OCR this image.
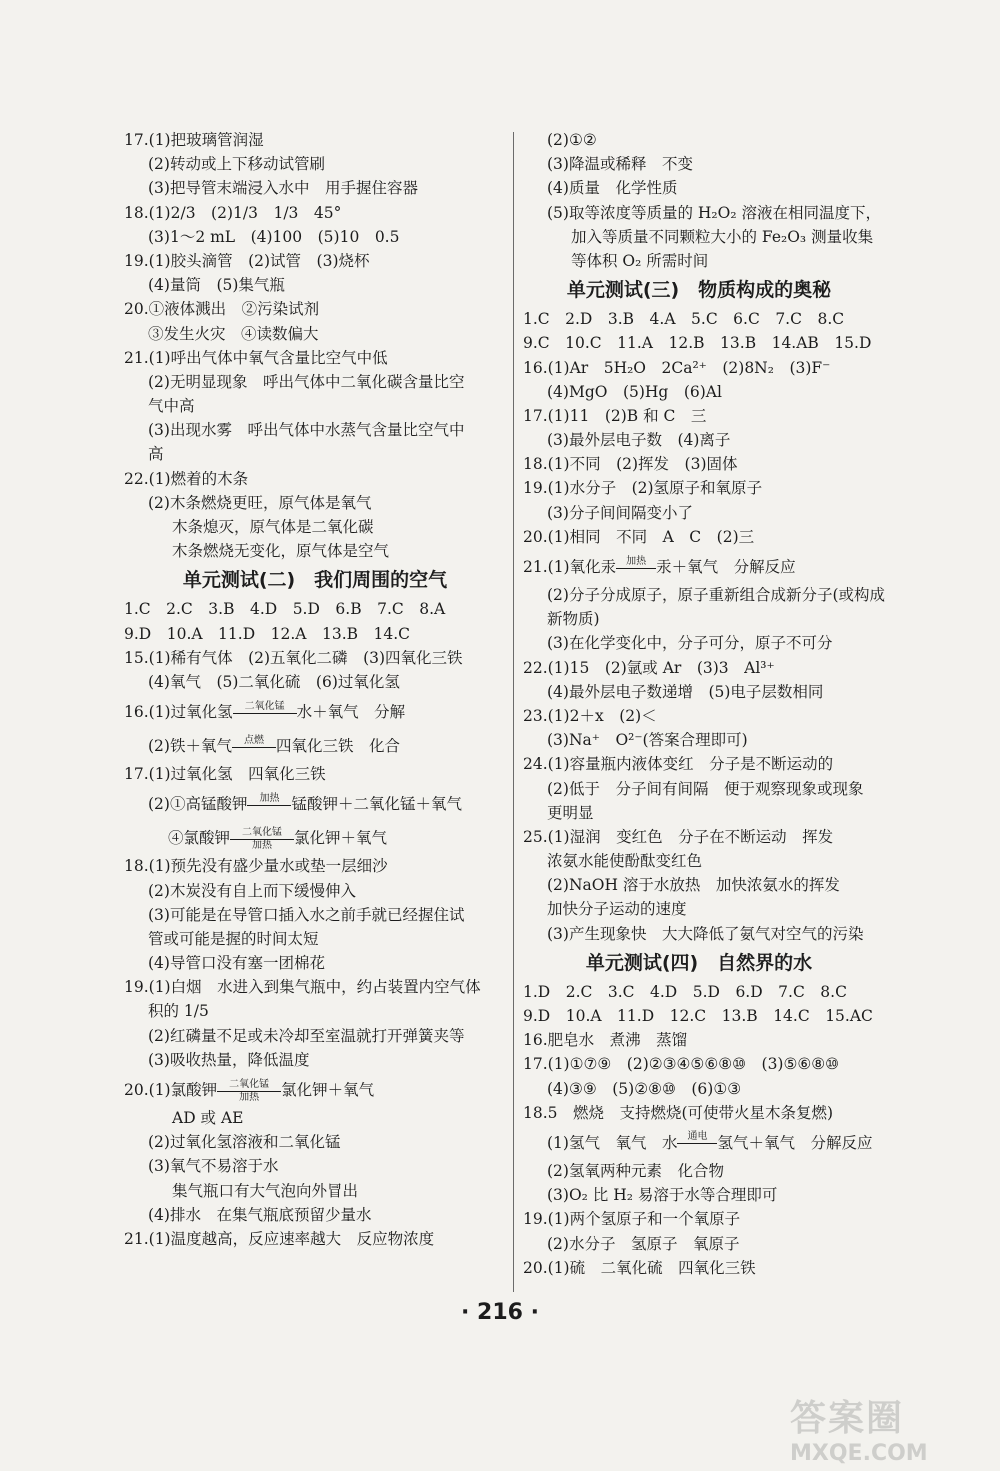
17.(1)把玻璃管润湿
(2)转动或上下移动试管刷
(3)把导管末端浸入水中　用手握住容器
18.(1)2/3　(2)1/3　1/3　45°
(3)1～2 mL　(4)100　(5)10　0.5
19.(1)胶头滴管　(2)试管　(3)烧杯
(4)量筒　(5)集气瓶
20.①液体溅出　②污染试剂
③发生火灾　④读数偏大
21.(1)呼出气体中氧气含量比空气中低
(2)无明显现象　呼出气体中二氧化碳含量比空
气中高
(3)出现水雾　呼出气体中水蒸气含量比空气中
高
22.(1)燃着的木条
(2)木条燃烧更旺，原气体是氧气
木条熄灭，原气体是二氧化碳
木条燃烧无变化，原气体是空气
单元测试(二)　我们周围的空气
1.C　2.C　3.B　4.D　5.D　6.B　7.C　8.A
9.D　10.A　11.D　12.A　13.B　14.C
15.(1)稀有气体　(2)五氧化二磷　(3)四氧化三铁
(4)氧气　(5)二氧化硫　(6)过氧化氢
16.(1)过氧化氢	二氧化锰 水＋氧气　分解
(2)铁＋氧气	点燃 四氧化三铁　化合
17.(1)过氧化氢　四氧化三铁
(2)①高锰酸钾	加热 锰酸钾＋二氧化锰＋氧气
④氯酸钾	二氧化锰
加热	氯化钾＋氧气
18.(1)预先没有盛少量水或垫一层细沙
(2)木炭没有自上而下缓慢伸入
(3)可能是在导管口插入水之前手就已经握住试
管或可能是握的时间太短
(4)导管口没有塞一团棉花
19.(1)白烟　水进入到集气瓶中，约占装置内空气体
积的 1/5
(2)红磷量不足或未冷却至室温就打开弹簧夹等
(3)吸收热量，降低温度
20.(1)氯酸钾	二氧化锰
加热	氯化钾＋氧气
AD 或 AE
(2)过氧化氢溶液和二氧化锰
(3)氧气不易溶于水
集气瓶口有大气泡向外冒出
(4)排水　在集气瓶底预留少量水
21.(1)温度越高，反应速率越大　反应物浓度
(2)①②
(3)降温或稀释　不变
(4)质量　化学性质
(5)取等浓度等质量的 H₂O₂ 溶液在相同温度下，
加入等质量不同颗粒大小的 Fe₂O₃ 测量收集
等体积 O₂ 所需时间
单元测试(三)　物质构成的奥秘
1.C　2.D　3.B　4.A　5.C　6.C　7.C　8.C
9.C　10.C　11.A　12.B　13.B　14.AB　15.D
16.(1)Ar　5H₂O　2Ca²⁺　(2)8N₂　(3)F⁻
(4)MgO　(5)Hg　(6)Al
17.(1)11　(2)B 和 C　三
(3)最外层电子数　(4)离子
18.(1)不同　(2)挥发　(3)固体
19.(1)水分子　(2)氢原子和氧原子
(3)分子间间隔变小了
20.(1)相同　不同　A　C　(2)三
21.(1)氧化汞	加热 汞＋氧气　分解反应
(2)分子分成原子，原子重新组合成新分子(或构成
新物质)
(3)在化学变化中，分子可分，原子不可分
22.(1)15　(2)氩或 Ar　(3)3　Al³⁺
(4)最外层电子数递增　(5)电子层数相同
23.(1)2＋x　(2)＜
(3)Na⁺　O²⁻(答案合理即可)
24.(1)容量瓶内液体变红　分子是不断运动的
(2)低于　分子间有间隔　便于观察现象或现象
更明显
25.(1)湿润　变红色　分子在不断运动　挥发
浓氨水能使酚酞变红色
(2)NaOH 溶于水放热　加快浓氨水的挥发
加快分子运动的速度
(3)产生现象快　大大降低了氨气对空气的污染
单元测试(四)　自然界的水
1.D　2.C　3.C　4.D　5.D　6.D　7.C　8.C
9.D　10.A　11.D　12.C　13.B　14.C　15.AC
16.肥皂水　煮沸　蒸馏
17.(1)①⑦⑨　(2)②③④⑤⑥⑧⑩　(3)⑤⑥⑧⑩
(4)③⑨　(5)②⑧⑩　(6)①③
18.5　燃烧　支持燃烧(可使带火星木条复燃)
(1)氢气　氧气　水	通电 氢气＋氧气　分解反应
(2)氢氧两种元素　化合物
(3)O₂ 比 H₂ 易溶于水等合理即可
19.(1)两个氢原子和一个氧原子
(2)水分子　氢原子　氧原子
20.(1)硫　二氧化硫　四氧化三铁
· 216 ·
答案圈
MXQE.COM
